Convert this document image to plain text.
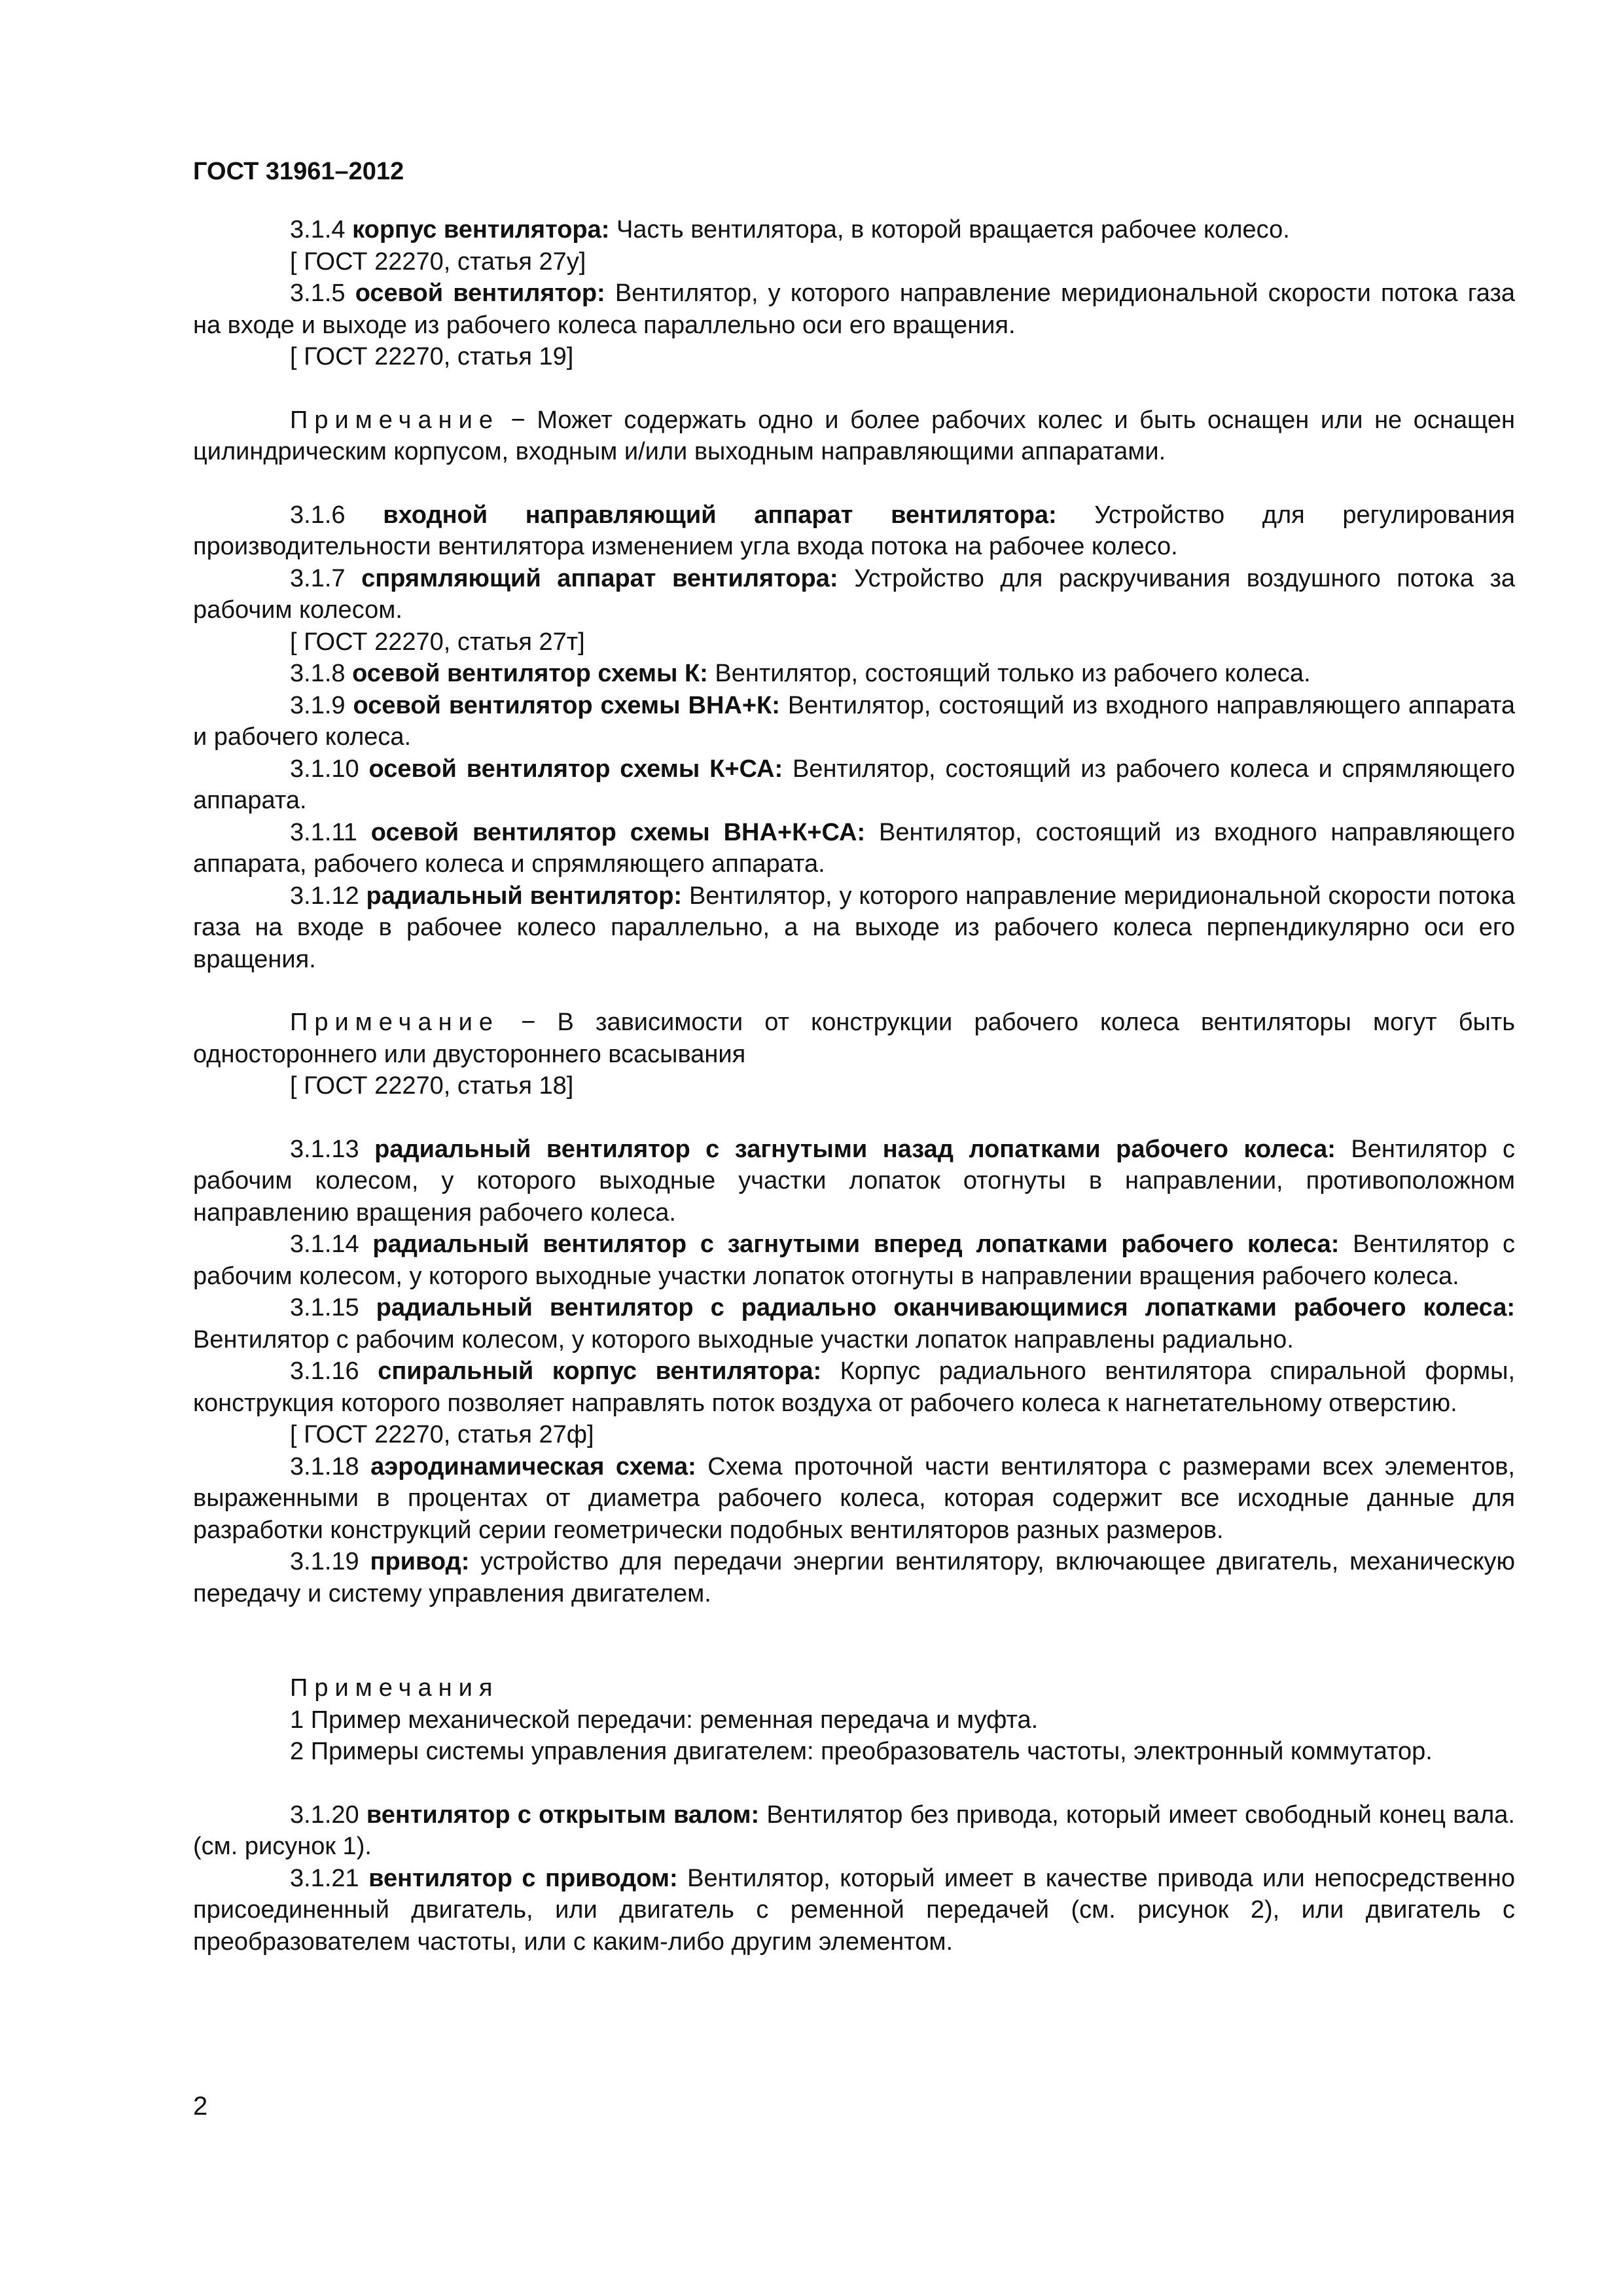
ГОСТ 31961–2012

3.1.4 корпус вентилятора: Часть вентилятора, в которой вращается рабочее колесо.

[ ГОСТ 22270, статья 27у]

3.1.5 осевой вентилятор: Вентилятор, у которого направление меридиональной скорости потока газа на входе и выходе из рабочего колеса параллельно оси его вращения.

[ ГОСТ 22270, статья 19]

Примечание − Может содержать одно и более рабочих колес и быть оснащен или не оснащен цилиндрическим корпусом, входным и/или выходным направляющими аппаратами.

3.1.6 входной направляющий аппарат вентилятора: Устройство для регулирования производительности вентилятора изменением угла входа потока на рабочее колесо.

3.1.7 спрямляющий аппарат вентилятора: Устройство для раскручивания воздушного потока за рабочим колесом.

[ ГОСТ 22270, статья 27т]

3.1.8 осевой вентилятор схемы К: Вентилятор, состоящий только из рабочего колеса.

3.1.9 осевой вентилятор схемы ВНА+К: Вентилятор, состоящий из входного направляющего аппарата и рабочего колеса.

3.1.10 осевой вентилятор схемы К+СА: Вентилятор, состоящий из рабочего колеса и спрямляющего аппарата.

3.1.11 осевой вентилятор схемы ВНА+К+СА: Вентилятор, состоящий из входного направляющего аппарата, рабочего колеса и спрямляющего аппарата.

3.1.12 радиальный вентилятор: Вентилятор, у которого направление меридиональной скорости потока газа на входе в рабочее колесо параллельно, а на выходе из рабочего колеса перпендикулярно оси его вращения.

Примечание − В зависимости от конструкции рабочего колеса вентиляторы могут быть одностороннего или двустороннего всасывания

[ ГОСТ 22270, статья 18]

3.1.13 радиальный вентилятор с загнутыми назад лопатками рабочего колеса: Вентилятор с рабочим колесом, у которого выходные участки лопаток отогнуты в направлении, противоположном направлению вращения рабочего колеса.

3.1.14 радиальный вентилятор с загнутыми вперед лопатками рабочего колеса: Вентилятор с рабочим колесом, у которого выходные участки лопаток отогнуты в направлении вращения рабочего колеса.

3.1.15 радиальный вентилятор с радиально оканчивающимися лопатками рабочего колеса: Вентилятор с рабочим колесом, у которого выходные участки лопаток направлены радиально.

3.1.16 спиральный корпус вентилятора: Корпус радиального вентилятора спиральной формы, конструкция которого позволяет направлять поток воздуха от рабочего колеса к нагнетательному отверстию.

[ ГОСТ 22270, статья 27ф]

3.1.18 аэродинамическая схема: Схема проточной части вентилятора с размерами всех элементов, выраженными в процентах от диаметра рабочего колеса, которая содержит все исходные данные для разработки конструкций серии геометрически подобных вентиляторов разных размеров.

3.1.19 привод: устройство для передачи энергии вентилятору, включающее двигатель, механическую передачу и систему управления двигателем.

Примечания

1 Пример механической передачи: ременная передача и муфта.

2 Примеры системы управления двигателем: преобразователь частоты, электронный коммутатор.

3.1.20 вентилятор с открытым валом: Вентилятор без привода, который имеет свободный конец вала. (см. рисунок 1).

3.1.21 вентилятор с приводом: Вентилятор, который имеет в качестве привода или непосредственно присоединенный двигатель, или двигатель с ременной передачей (см. рисунок 2), или двигатель с преобразователем частоты, или с каким-либо другим элементом.

2
